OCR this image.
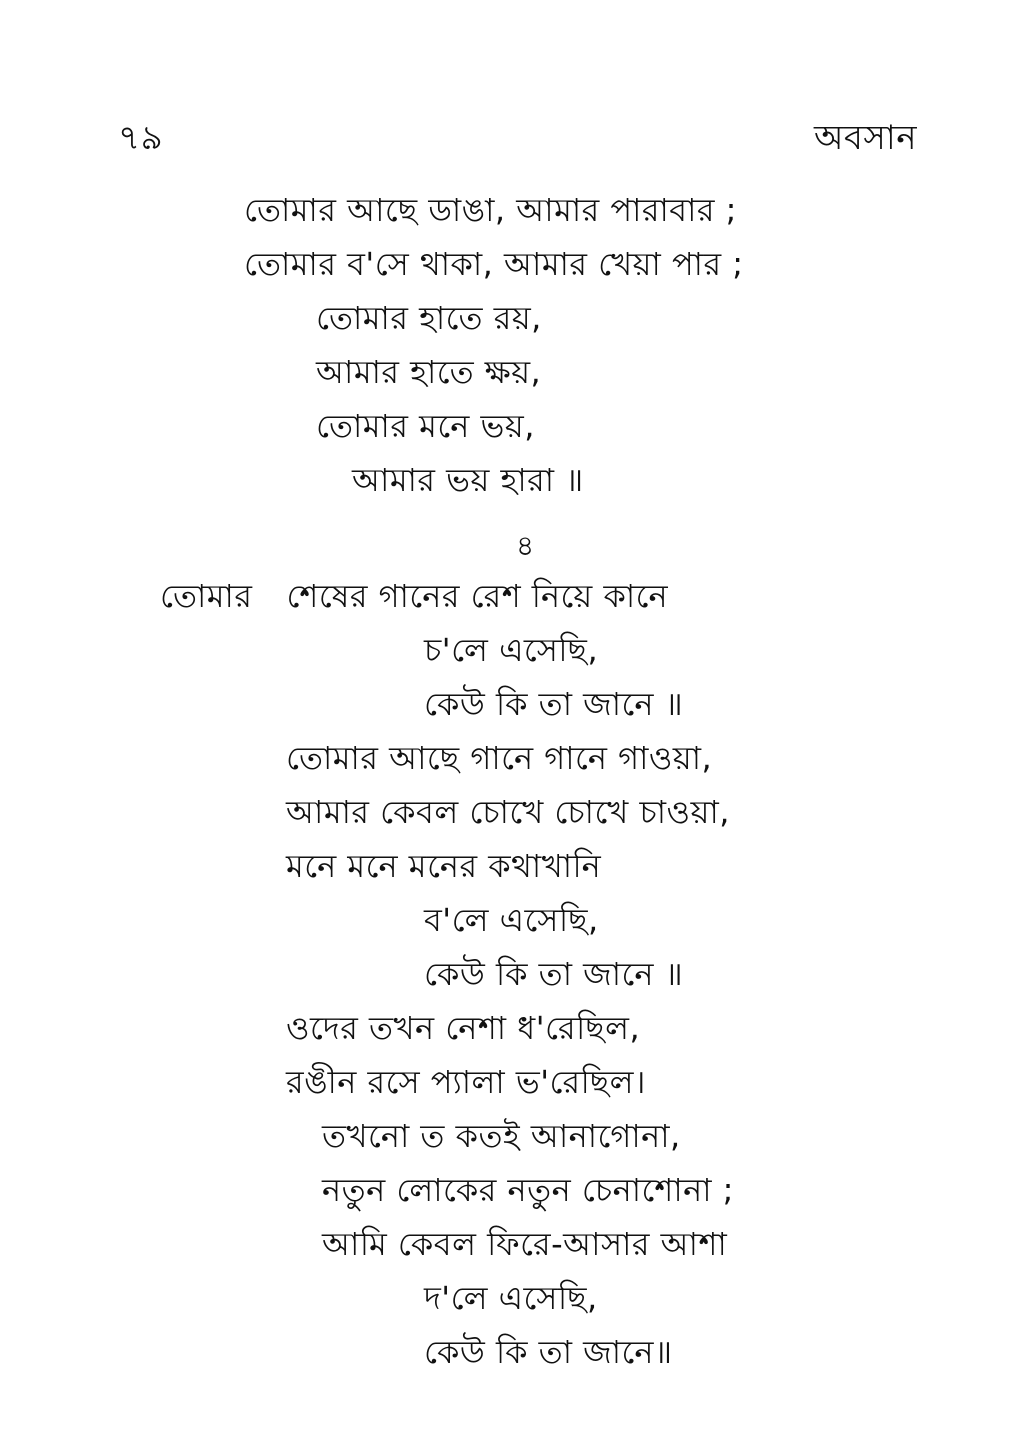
৭৯	অবসান
তোমার আছে ডাঙা, আমার পারাবার ;
তোমার ব'সে থাকা, আমার খেয়া পার ;
তোমার হাতে রয়,
আমার হাতে ক্ষয়,
তোমার মনে ভয়,
আমার ভয় হারা ॥
৪
তোমার শেষের গানের রেশ নিয়ে কানে
চ'লে এসেছি,
কেউ কি তা জানে ॥
তোমার আছে গানে গানে গাওয়া,
আমার কেবল চোখে চোখে চাওয়া,
মনে মনে মনের কথাখানি
ব'লে এসেছি,
কেউ কি তা জানে ॥
ওদের তখন নেশা ধ'রেছিল,
রঙীন রসে প্যালা ভ'রেছিল।
তখনো ত কতই আনাগোনা,
নতুন লোকের নতুন চেনাশোনা ;
আমি কেবল ফিরে-আসার আশা
দ'লে এসেছি,
কেউ কি তা জানে॥
